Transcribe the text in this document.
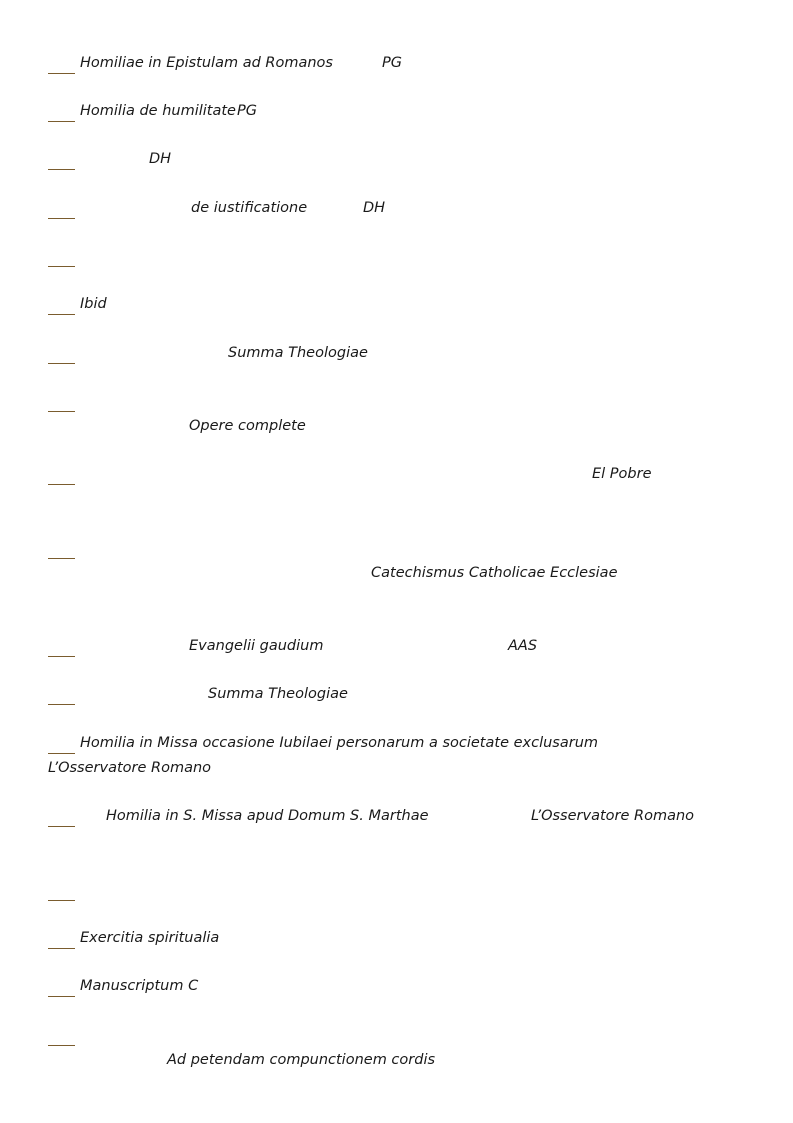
Homiliae in Epistulam ad Romanos	PG
Homilia de humilitate PG
DH
de iustificatione	DH
Ibid
Summa Theologiae
Opere complete
El Pobre
Catechismus Catholicae Ecclesiae
Evangelii gaudium	AAS
Summa Theologiae
Homilia in Missa occasione Iubilaei personarum a societate exclusarum
L’Osservatore Romano
Homilia in S. Missa apud Domum S. Marthae	L’Osservatore Romano
Exercitia spiritualia
Manuscriptum C
Ad petendam compunctionem cordis
